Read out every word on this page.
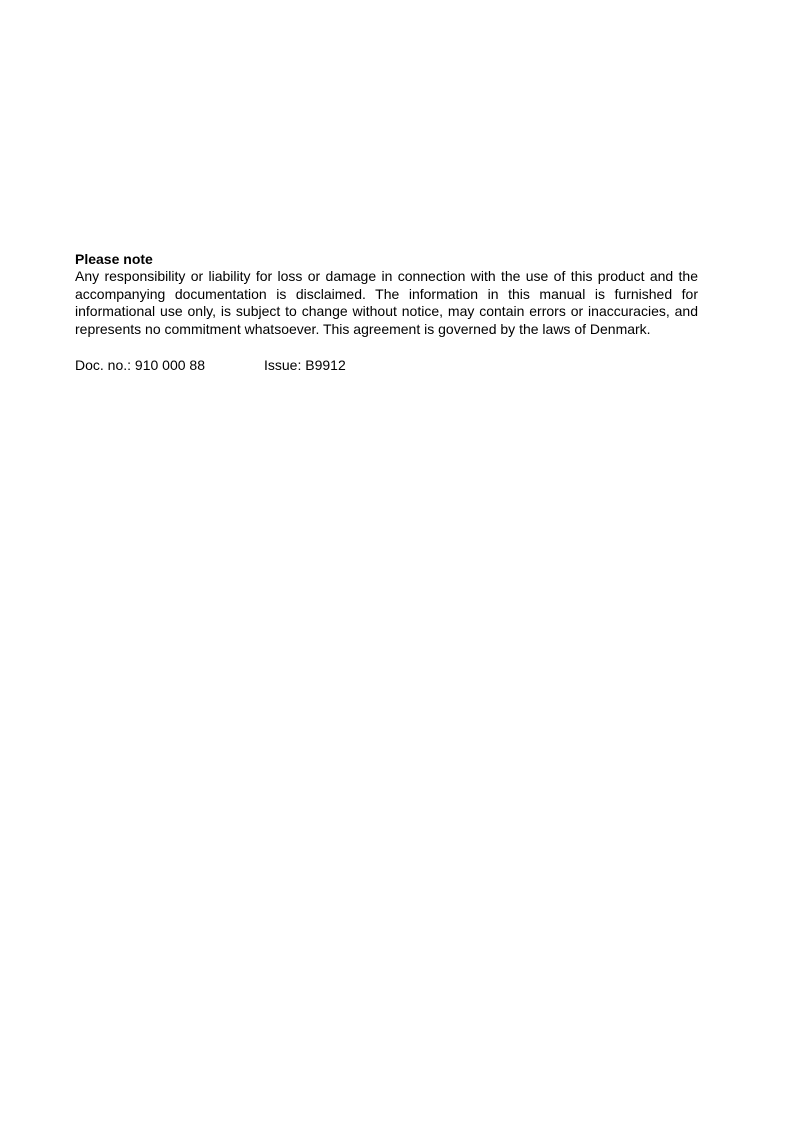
Please note

Any responsibility or liability for loss or damage in connection with the use of this product and the accompanying documentation is disclaimed. The information in this manual is furnished for informational use only, is subject to change without notice, may contain errors or inaccuracies, and represents no commitment whatsoever. This agreement is governed by the laws of Denmark.

Doc. no.: 910 000 88	Issue: B9912
